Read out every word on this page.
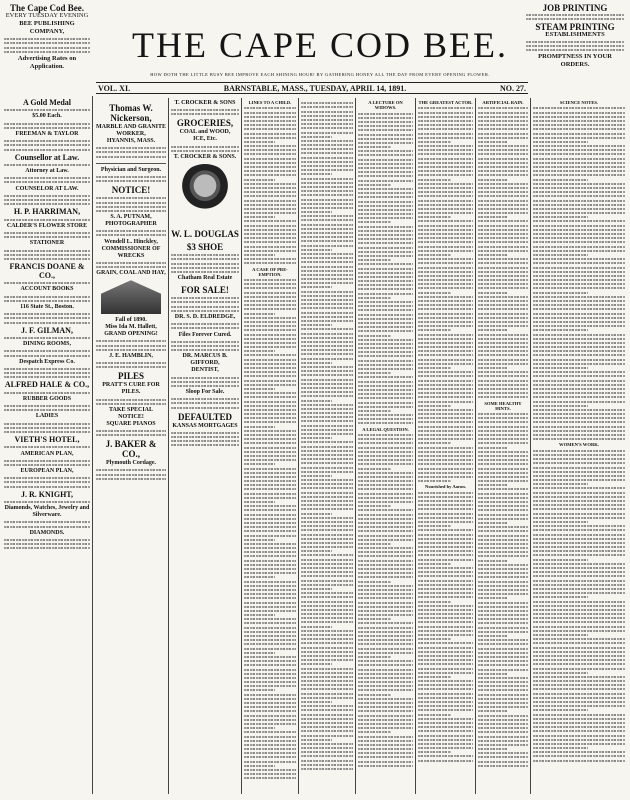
The Cape Cod Bee.
EVERY TUESDAY EVENING
BEE PUBLISHING COMPANY,
Advertising Rates on Application.
JOB PRINTING
STEAM PRINTING
ESTABLISHMENTS
PROMPTNESS IN YOUR ORDERS.
THE CAPE COD BEE.
HOW DOTH THE LITTLE BUSY BEE IMPROVE EACH SHINING HOUR! BY GATHERING HONEY ALL THE DAY FROM EVERY OPENING FLOWER.
VOL. XI.	BARNSTABLE, MASS., TUESDAY, APRIL 14, 1891.	NO. 27.
A Gold Medal
$5.00 Each.
FREEMAN & TAYLOR
Counsellor at Law.
Attorney at Law.
COUNSELOR AT LAW.
H. P. HARRIMAN,
CALDER'S FLOWER STORE
STATIONER
FRANCIS DOANE & CO.,
ACCOUNT BOOKS
116 State St., Boston.
J. F. GILMAN,
DINING ROOMS,
Despatch Express Co.
ALFRED HALE & CO.,
RUBBER GOODS
LADIES
VIETH'S HOTEL,
AMERICAN PLAN,
EUROPEAN PLAN,
J. R. KNIGHT,
Diamonds, Watches, Jewelry and Silverware.
DIAMONDS.
Thomas W. Nickerson,
MARBLE AND GRANITE WORKER,
HYANNIS, MASS.
Physician and Surgeon.
NOTICE!
S. A. PUTNAM, PHOTOGRAPHER
Wendell L. Hinckley,
COMMISSIONER OF WRECKS
GRAIN, COAL AND HAY,
Fall of 1890.
Miss Ida M. Hallett,
GRAND OPENING!
J. E. HAMBLIN,
PILES
PRATT'S CURE FOR PILES.
TAKE SPECIAL NOTICE!
SQUARE PIANOS
J. BAKER & CO.,
Plymouth Cordage.
T. CROCKER & SONS
GROCERIES,
COAL and WOOD,
ICE, Etc.
T. CROCKER & SONS.
W. L. DOUGLAS
$3 SHOE
Chatham Real Estate
FOR SALE!
DR. S. D. ELDREDGE,
Files Forever Cured.
DR. MARCUS B. GIFFORD,
DENTIST,
Sloop For Sale.
DEFAULTED
KANSAS MORTGAGES
LINES TO A CHILD.
A CASE OF PRE-EMPTION.
A LECTURE ON WIDOWS.
A LEGAL QUESTION.
THE GREATEST ACTOR.
Nourished by Aaron.
ARTIFICIAL RAIN.
SOME HEALTHY HINTS.
SCIENCE NOTES.
WOMEN'S WORK.
